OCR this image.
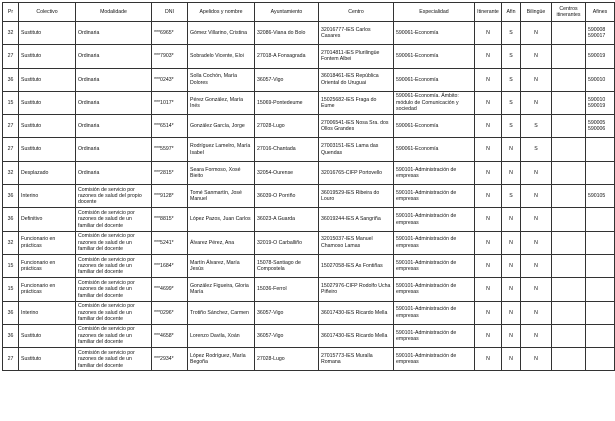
Pr	Colectivo	Modalidade	DNI	Apelidos y nombre	Ayuntamiento	Centro	Especialidad	Itinerante	Afin	Bilingüe	Centros itinerantes	Afines
32	Sustituto	Ordinaria	***6965*	Gómez Villarino, Cristina	32086-Viana do Bolo	32016777-IES Carlos Casares	590061-Economía	N	S	N		590008 590017
27	Sustituto	Ordinaria	***7903*	Sobradelo Vicente, Eloi	27018-A Fonsagrada	27014811-IES Plurilingüe Fontem Albei	590061-Economía	N	S	N		590019
36	Sustituto	Ordinaria	***0243*	Solla Cochón, María Dolores	36057-Vigo	36018461-IES República Oriental do Uruguai	590061-Economía	N	S	N		590010
15	Sustituto	Ordinaria	***1017*	Pérez González, María Inés	15069-Pontedeume	15025682-IES Fraga do Eume	590061-Economía. Ámbito: módulo de Comunicación y sociedad	N	S	N		590010 590019
27	Sustituto	Ordinaria	***6514*	González García, Jorge	27028-Lugo	27006541-IES Nosa Sra. dos Ollos Grandes	590061-Economía	N	S	S		590005 590006
27	Sustituto	Ordinaria	***5597*	Rodríguez Lamelro, María Isabel	27016-Chantada	27003151-IES Lama das Quendas	590061-Economía	N	N	S		
32	Desplazado	Ordinaria	***2815*	Seara Formoso, Xosé Bieito	32054-Ourense	32016765-CIFP Portovello	590101-Administración de empresas	N	N	N		
36	Interino	Comisión de servicio por razones de salud del propio docente	***9128*	Tomé Sanmartín, José Manuel	36039-O Porriño	36019529-IES Ribeira do Louro	590101-Administración de empresas	N	S	N		590105
36	Definitivo	Comisión de servicio por razones de salud de un familiar del docente	***8815*	López Pazos, Juan Carlos	36023-A Guarda	36019244-IES A Sangriña	590101-Administración de empresas	N	N	N		
32	Funcionario en prácticas	Comisión de servicio por razones de salud de un familiar del docente	***5241*	Álvarez Pérez, Ana	32019-O Carballiño	32015037-IES Manuel Chamoso Lamas	590101-Administración de empresas	N	N	N		
15	Funcionario en prácticas	Comisión de servicio por razones de salud de un familiar del docente	***1684*	Martín Álvarez, María Jesús	15078-Santiago de Compostela	15027058-IES As Fontiñas	590101-Administración de empresas	N	N	N		
15	Funcionario en prácticas	Comisión de servicio por razones de salud de un familiar del docente	***4699*	González Figueira, Gloria María	15036-Ferrol	15027976-CIFP Rodolfo Ucha Piñeiro	590101-Administración de empresas	N	N	N		
36	Interino	Comisión de servicio por razones de salud de un familiar del docente	***0296*	Trotiño Sánchez, Carmen	36057-Vigo	36017430-IES Ricardo Mella	590101-Administración de empresas	N	N	N		
36	Sustituto	Comisión de servicio por razones de salud de un familiar del docente	***4658*	Lorenzo Davila, Xoán	36057-Vigo	36017430-IES Ricardo Mella	590101-Administración de empresas	N	N	N		
27	Sustituto	Comisión de servicio por razones de salud de un familiar del docente	***2934*	López Rodríguez, María Begoña	27028-Lugo	27015773-IES Muralla Romana	590101-Administración de empresas	N	N	N		
